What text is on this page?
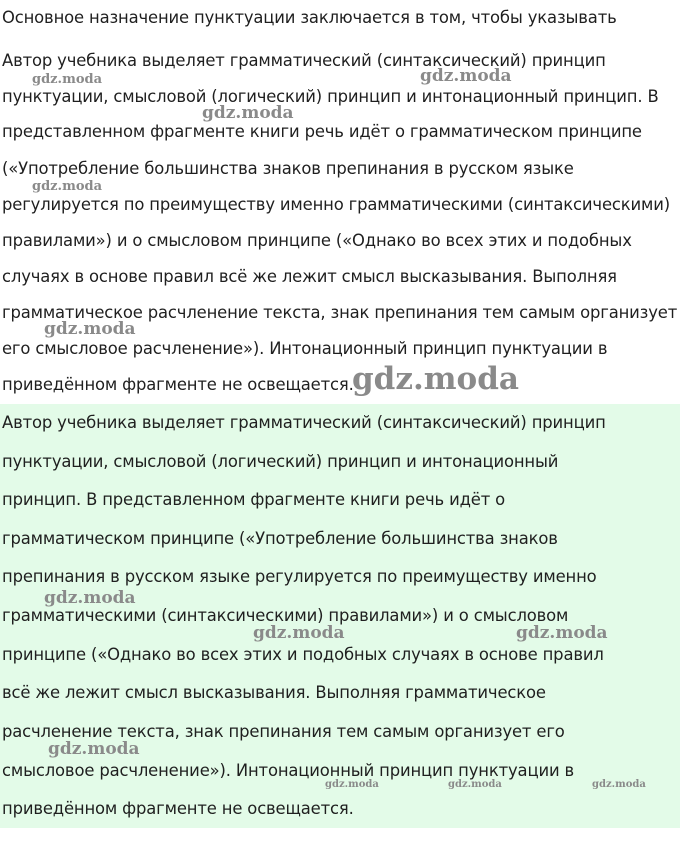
Основное назначение пунктуации заключается в том, чтобы указывать
Автор учебника выделяет грамматический (синтаксический) принцип
пунктуации, смысловой (логический) принцип и интонационный принцип. В
представленном фрагменте книги речь идёт о грамматическом принципе
(«Употребление большинства знаков препинания в русском языке
регулируется по преимуществу именно грамматическими (синтаксическими)
правилами») и о смысловом принципе («Однако во всех этих и подобных
случаях в основе правил всё же лежит смысл высказывания. Выполняя
грамматическое расчленение текста, знак препинания тем самым организует
его смысловое расчленение»). Интонационный принцип пунктуации в
приведённом фрагменте не освещается.
Автор учебника выделяет грамматический (синтаксический) принцип
пунктуации, смысловой (логический) принцип и интонационный
принцип. В представленном фрагменте книги речь идёт о
грамматическом принципе («Употребление большинства знаков
препинания в русском языке регулируется по преимуществу именно
грамматическими (синтаксическими) правилами») и о смысловом
принципе («Однако во всех этих и подобных случаях в основе правил
всё же лежит смысл высказывания. Выполняя грамматическое
расчленение текста, знак препинания тем самым организует его
смысловое расчленение»). Интонационный принцип пунктуации в
приведённом фрагменте не освещается.
gdz.moda	gdz.moda
gdz.moda
gdz.moda
gdz.moda
gdz.moda
gdz.moda
gdz.moda	gdz.moda
gdz.moda
gdz.moda	gdz.moda	gdz.moda
